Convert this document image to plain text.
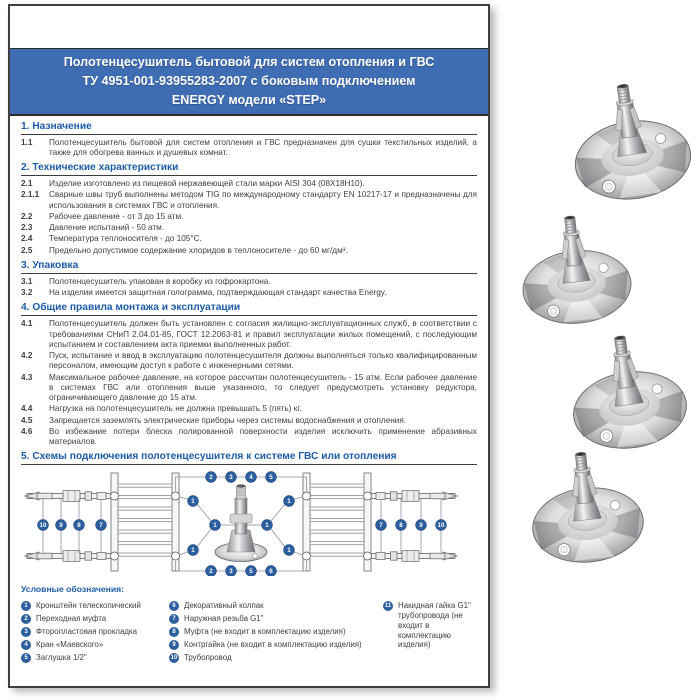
Полотенцесушитель бытовой для систем отопления и ГВС
ТУ 4951-001-93955283-2007 с боковым подключением
ENERGY модели «STEP»
1. Назначение
1.1	Полотенцесушитель бытовой для систем отопления и ГВС предназначен для сушки текстильных изделий, а также для обогрева ванных и душевых комнат.
2. Технические характеристики
2.1	Изделие изготовлено из пищевой нержавеющей стали марки AISI 304 (08Х18Н10).
2.1.1	Сварные швы труб выполнены методом TIG по международному стандарту EN 10217-17 и предназначены для использования в системах ГВС и отопления.
2.2	Рабочее давление - от 3 до 15 атм.
2.3	Давление испытаний - 50 атм.
2.4	Температура теплоносителя - до 105°С.
2.5	Предельно допустимое содержание хлоридов в теплоносителе - до 60 мг/дм³.
3. Упаковка
3.1	Полотенцесушитель упакован в коробку из гофрокартона.
3.2	На изделии имеется защитная голограмма, подтверждающая стандарт качества Energy.
4. Общие правила монтажа и эксплуатации
4.1	Полотенцесушитель должен быть установлен с согласия жилищно-эксплуатационных служб, в соответствии с требованиями СНиП 2.04.01-85, ГОСТ 12.2063-81 и правил эксплуатации жилых помещений, с последующим испытанием и составлением акта приемки выполненных работ.
4.2	Пуск, испытание и ввод в эксплуатацию полотенцесушителя должны выполняться только квалифицированным персоналом, имеющим доступ к работе с инженерными сетями.
4.3	Максимальное рабочее давление, на которое рассчитан полотенцесушитель - 15 атм. Если рабочее давление в системах ГВС или отопления выше указанного, то следует предусмотреть установку редуктора, ограничивающего давление до 15 атм.
4.4	Нагрузка на полотенцесушитель не должна превышать 5 (пять) кг.
4.5	Запрещается заземлять электрические приборы через системы водоснабжения и отопления.
4.6	Во избежание потери блеска полированной поверхности изделия исключить применение абразивных материалов.
5. Схемы подключения полотенцесушителя к системе ГВС или отопления
2	3	4	5
2	3	5	6
1	1
1	1
1	1
10 9 8	7	7	8	9 10
Условные обозначения:
1	Кронштейн телескопический
2	Переходная муфта
3	Фторопластовая прокладка
4	Кран «Маевского»
5	Заглушка 1/2"
6	Декоративный колпак
7	Наружная резьба G1"
8	Муфта (не входит в комплектацию изделия)
9	Контргайка (не входит в комплектацию изделия)
10 Трубопровод
11 Накидная гайка G1" трубопровода (не входит в комплектацию изделия)
